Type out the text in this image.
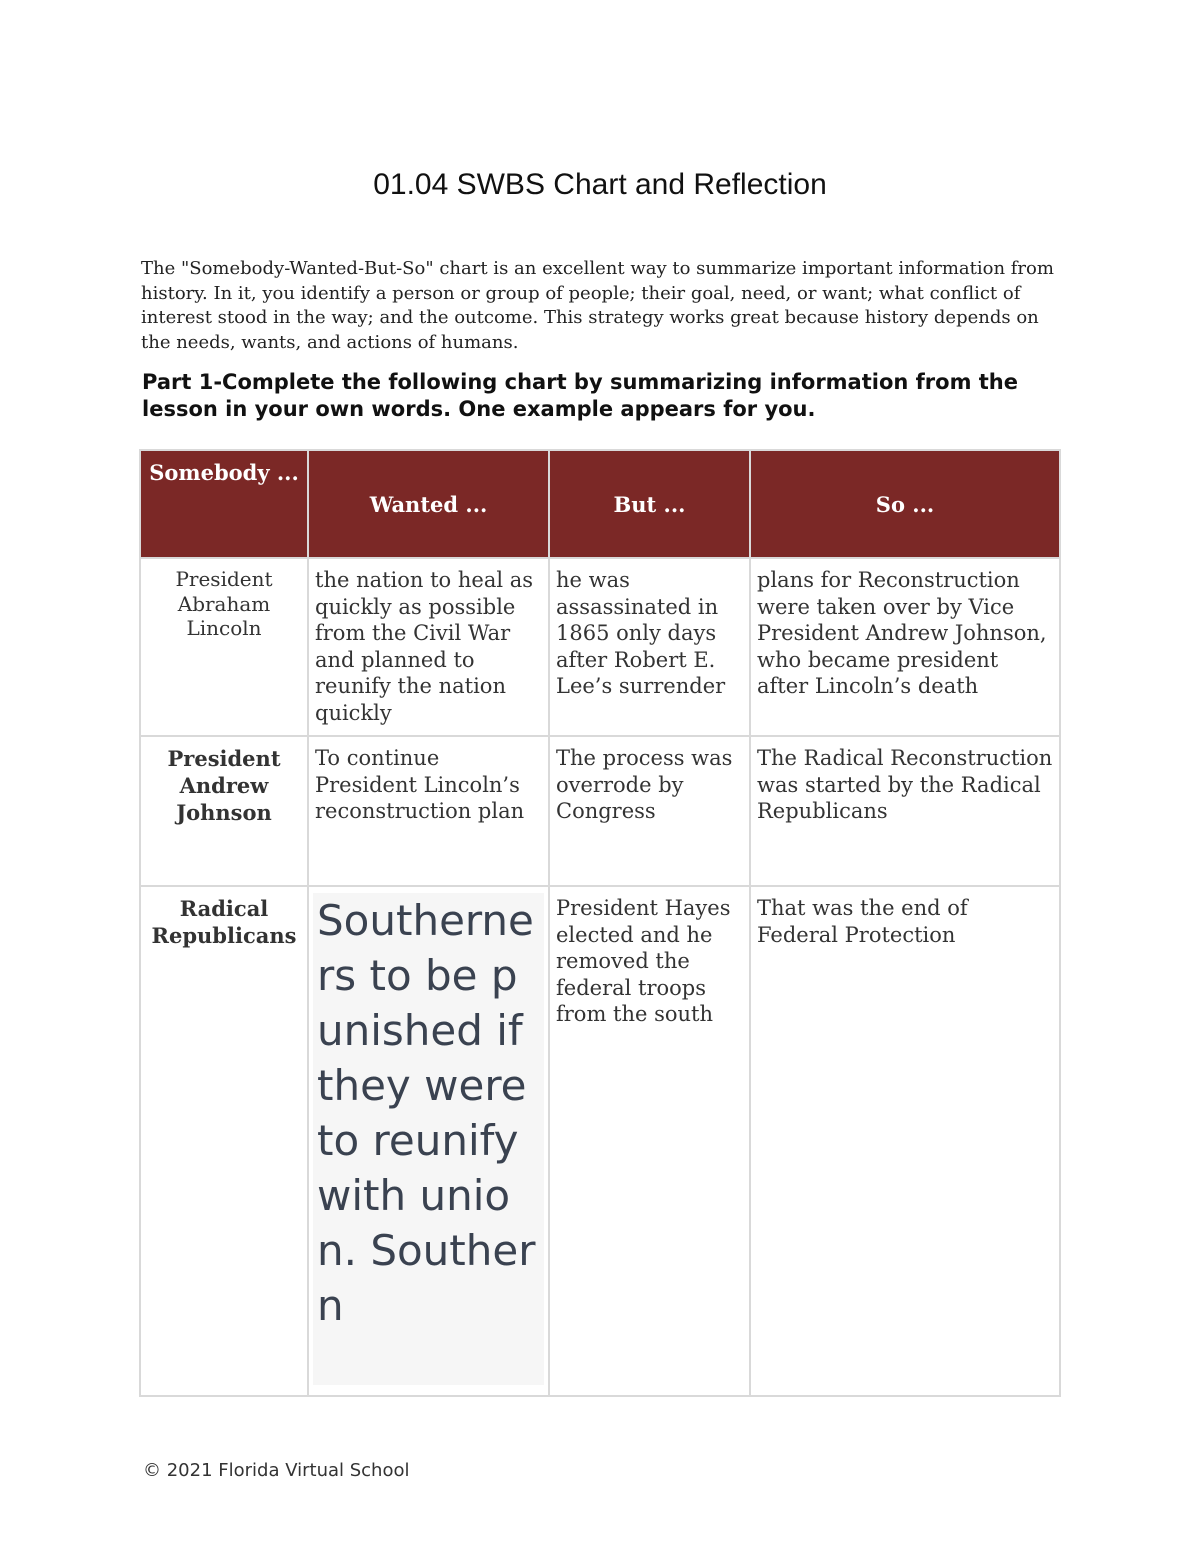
01.04 SWBS Chart and Reflection

The "Somebody-Wanted-But-So" chart is an excellent way to summarize important information from history. In it, you identify a person or group of people; their goal, need, or want; what conflict of interest stood in the way; and the outcome. This strategy works great because history depends on the needs, wants, and actions of humans.

Part 1-Complete the following chart by summarizing information from the lesson in your own words. One example appears for you.
Somebody ...	Wanted ...	But ...	So ...

President Abraham Lincoln	the nation to heal as quickly as possible from the Civil War and planned to reunify the nation quickly	he was assassinated in 1865 only days after Robert E. Lee’s surrender	plans for Reconstruction were taken over by Vice President Andrew Johnson, who became president after Lincoln’s death

President Andrew Johnson	To continue President Lincoln’s reconstruction plan	The process was overrode by Congress	The Radical Reconstruction was started by the Radical Republicans

Radical Republicans	Southerners to be punished if they were to reunify with union. Southern	President Hayes elected and he removed the federal troops from the south	That was the end of Federal Protection
© 2021 Florida Virtual School
